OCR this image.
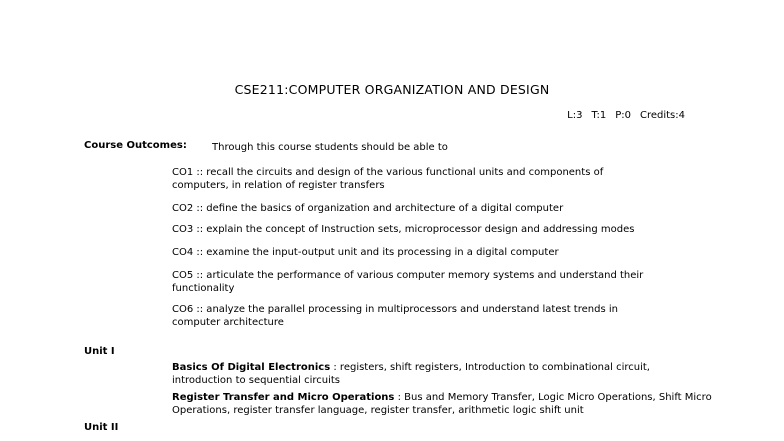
CSE211:COMPUTER ORGANIZATION AND DESIGN
L:3 T:1 P:0 Credits:4
Course Outcomes:	Through this course students should be able to
CO1 :: recall the circuits and design of the various functional units and components of computers, in relation of register transfers
CO2 :: define the basics of organization and architecture of a digital computer
CO3 :: explain the concept of Instruction sets, microprocessor design and addressing modes
CO4 :: examine the input-output unit and its processing in a digital computer
CO5 :: articulate the performance of various computer memory systems and understand their functionality
CO6 :: analyze the parallel processing in multiprocessors and understand latest trends in computer architecture
Unit I
Basics Of Digital Electronics : registers, shift registers, Introduction to combinational circuit, introduction to sequential circuits
Register Transfer and Micro Operations : Bus and Memory Transfer, Logic Micro Operations, Shift Micro Operations, register transfer language, register transfer, arithmetic logic shift unit
Unit II
